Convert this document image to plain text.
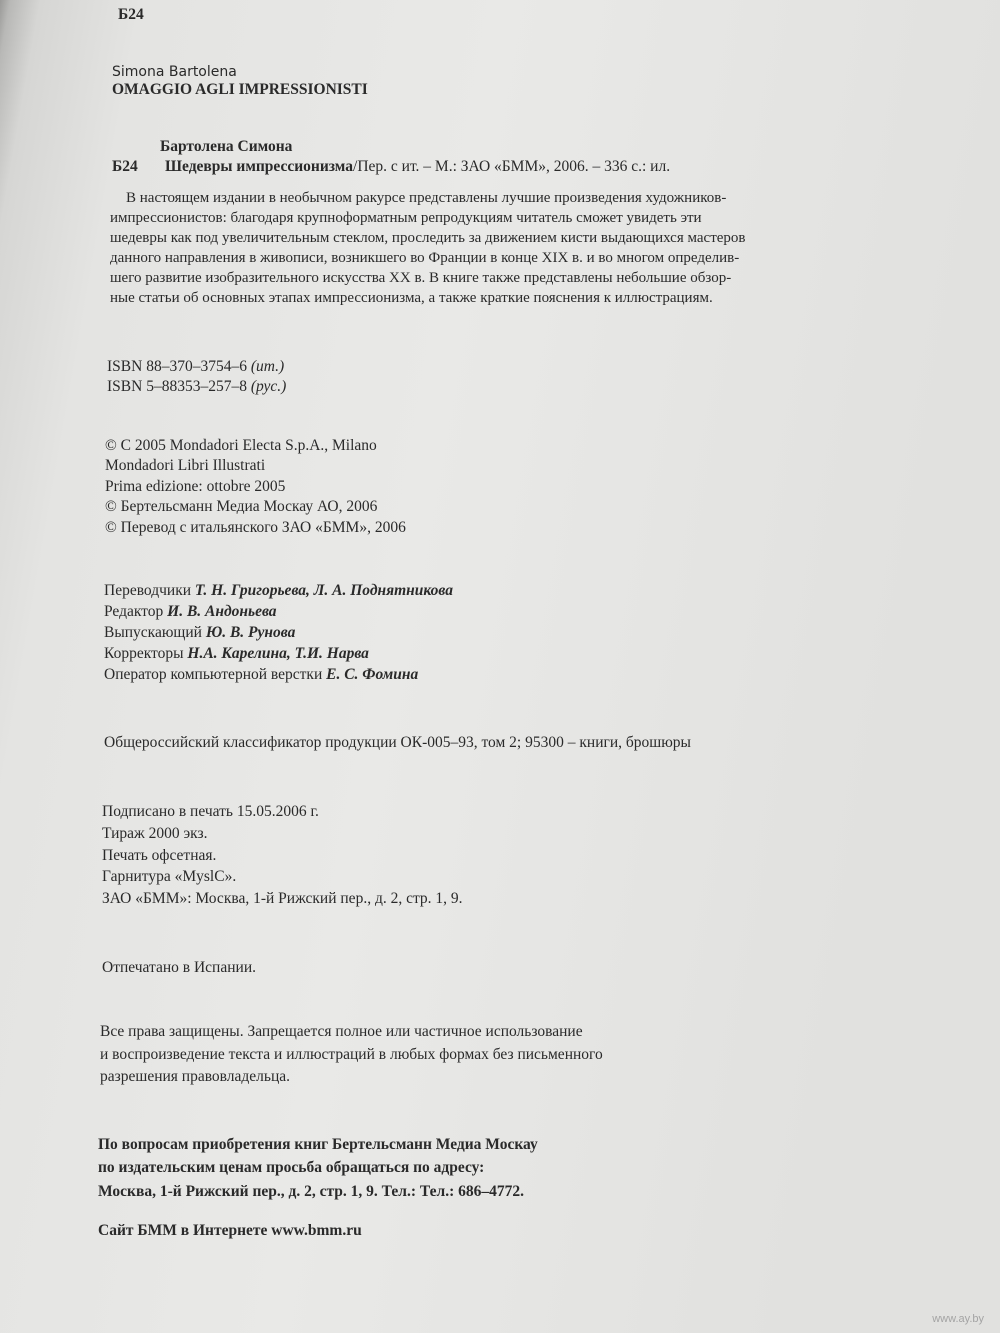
Б24
Simona Bartolena
OMAGGIO AGLI IMPRESSIONISTI
Бартолена Симона
Б24 Шедевры импрессионизма/Пер. с ит. – М.: ЗАО «БММ», 2006. – 336 с.: ил.
В настоящем издании в необычном ракурсе представлены лучшие произведения художников-
импрессионистов: благодаря крупноформатным репродукциям читатель сможет увидеть эти
шедевры как под увеличительным стеклом, проследить за движением кисти выдающихся мастеров
данного направления в живописи, возникшего во Франции в конце XIX в. и во многом определив-
шего развитие изобразительного искусства XX в. В книге также представлены небольшие обзор-
ные статьи об основных этапах импрессионизма, а также краткие пояснения к иллюстрациям.
ISBN 88–370–3754–6 (ит.)
ISBN 5–88353–257–8 (рус.)
© C 2005 Mondadori Electa S.p.A., Milano
Mondadori Libri Illustrati
Prima edizione: ottobre 2005
© Бертельсманн Медиа Москау АО, 2006
© Перевод с итальянского ЗАО «БММ», 2006
Переводчики Т. Н. Григорьева, Л. А. Поднятникова
Редактор И. В. Андоньева
Выпускающий Ю. В. Рунова
Корректоры Н.А. Карелина, Т.И. Нарва
Оператор компьютерной верстки Е. С. Фомина
Общероссийский классификатор продукции ОК-005–93, том 2; 95300 – книги, брошюры
Подписано в печать 15.05.2006 г.
Тираж 2000 экз.
Печать офсетная.
Гарнитура «MyslC».
ЗАО «БММ»: Москва, 1-й Рижский пер., д. 2, стр. 1, 9.
Отпечатано в Испании.
Все права защищены. Запрещается полное или частичное использование
и воспроизведение текста и иллюстраций в любых формах без письменного
разрешения правовладельца.
По вопросам приобретения книг Бертельсманн Медиа Москау
по издательским ценам просьба обращаться по адресу:
Москва, 1-й Рижский пер., д. 2, стр. 1, 9. Тел.: Тел.: 686–4772.
Сайт БММ в Интернете www.bmm.ru
www.ay.by
